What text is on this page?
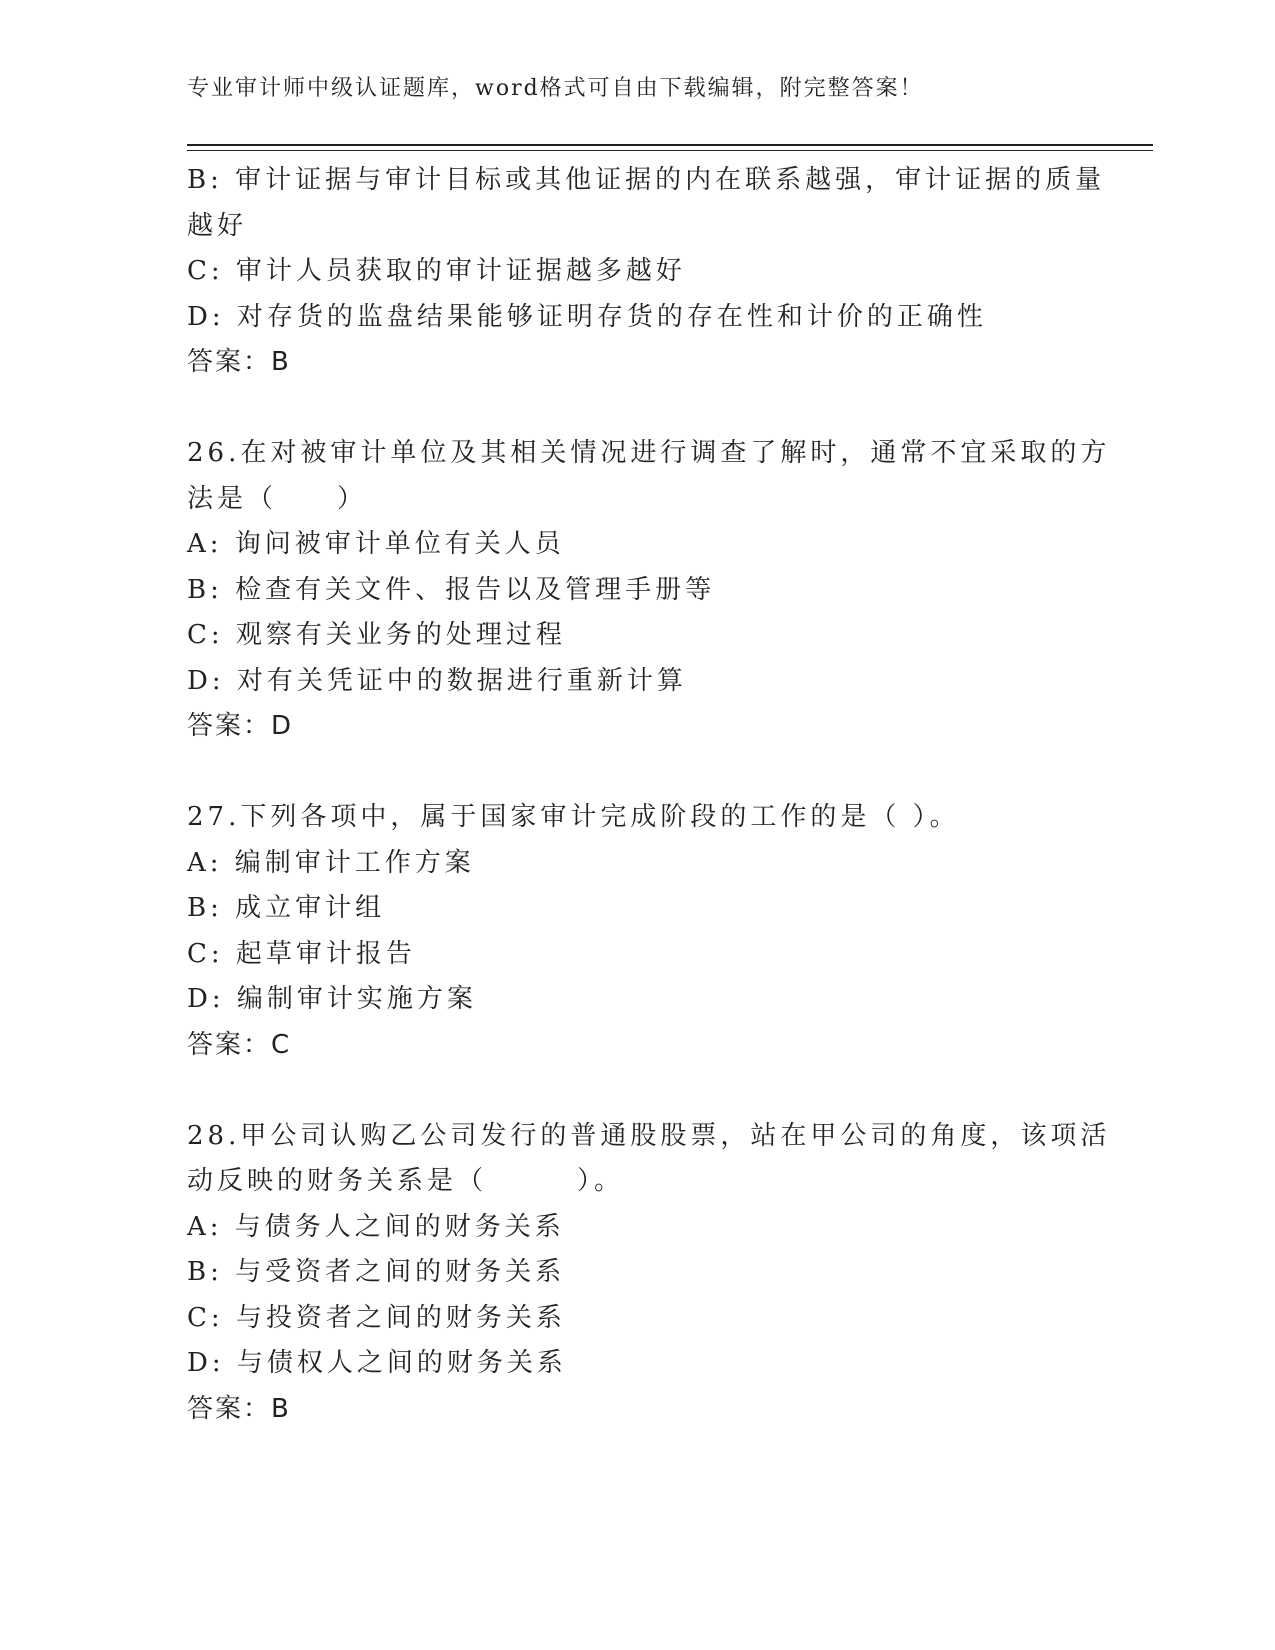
专业审计师中级认证题库，word格式可自由下载编辑，附完整答案！
B: 审计证据与审计目标或其他证据的内在联系越强，审计证据的质量
越好
C: 审计人员获取的审计证据越多越好
D: 对存货的监盘结果能够证明存货的存在性和计价的正确性
答案：B
26.在对被审计单位及其相关情况进行调查了解时，通常不宜采取的方
法是（　　）
A: 询问被审计单位有关人员
B: 检查有关文件、报告以及管理手册等
C: 观察有关业务的处理过程
D: 对有关凭证中的数据进行重新计算
答案：D
27.下列各项中，属于国家审计完成阶段的工作的是（ ）。
A: 编制审计工作方案
B: 成立审计组
C: 起草审计报告
D: 编制审计实施方案
答案：C
28.甲公司认购乙公司发行的普通股股票，站在甲公司的角度，该项活
动反映的财务关系是（　　　）。
A: 与债务人之间的财务关系
B: 与受资者之间的财务关系
C: 与投资者之间的财务关系
D: 与债权人之间的财务关系
答案：B
